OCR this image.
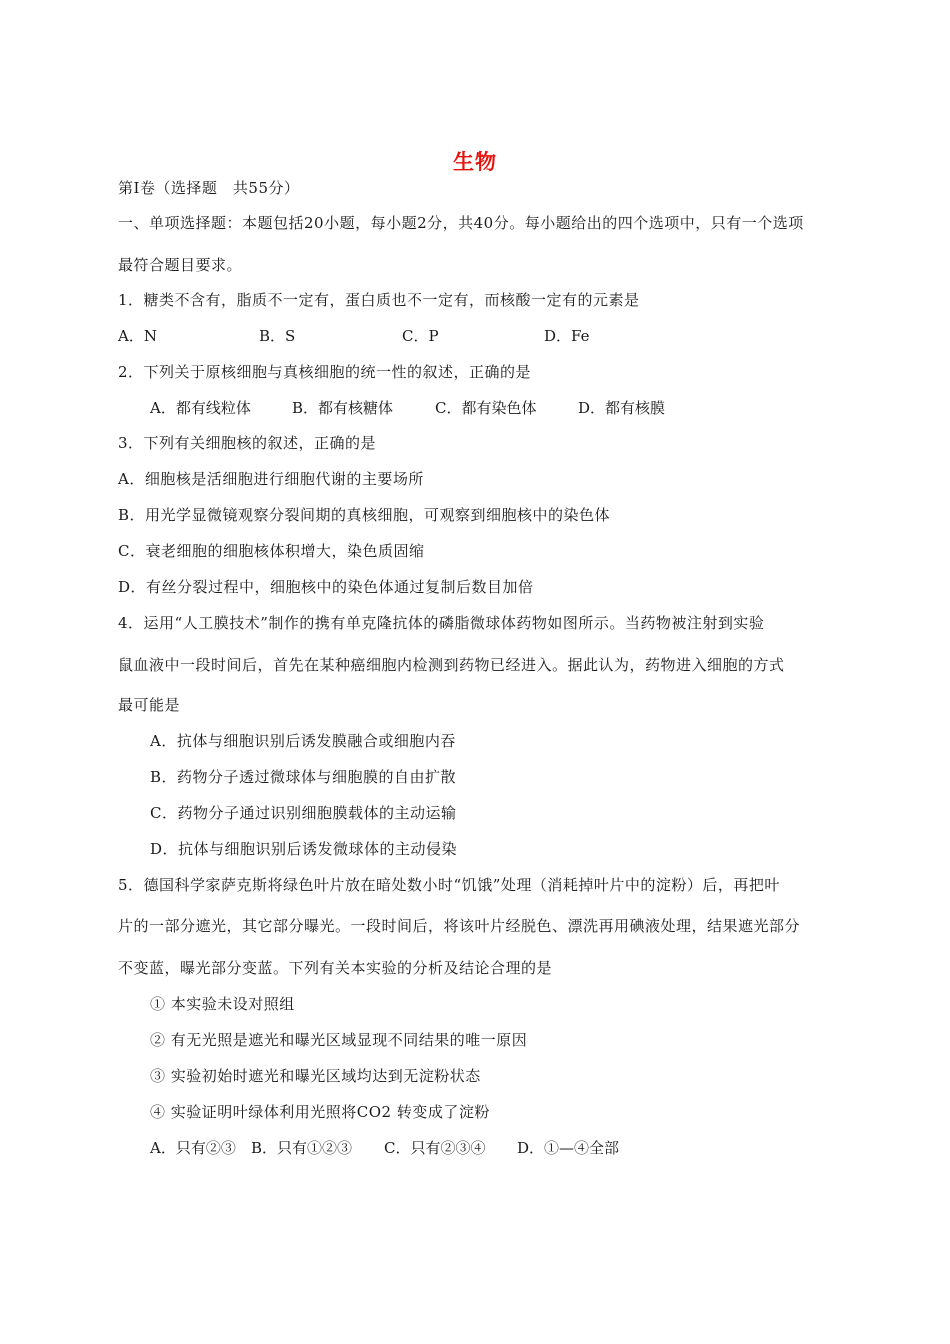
生物
第Ⅰ卷（选择题　共55分）
一、单项选择题：本题包括20小题，每小题2分，共40分。每小题给出的四个选项中，只有一个选项
最符合题目要求。
1．糖类不含有，脂质不一定有，蛋白质也不一定有，而核酸一定有的元素是
A．N	B．S	C．P	D．Fe
2．下列关于原核细胞与真核细胞的统一性的叙述，正确的是
A．都有线粒体	B．都有核糖体	C．都有染色体	D．都有核膜
3．下列有关细胞核的叙述，正确的是
A．细胞核是活细胞进行细胞代谢的主要场所
B．用光学显微镜观察分裂间期的真核细胞，可观察到细胞核中的染色体
C．衰老细胞的细胞核体积增大，染色质固缩
D．有丝分裂过程中，细胞核中的染色体通过复制后数目加倍
4．运用“人工膜技术”制作的携有单克隆抗体的磷脂微球体药物如图所示。当药物被注射到实验
鼠血液中一段时间后，首先在某种癌细胞内检测到药物已经进入。据此认为，药物进入细胞的方式
最可能是
A．抗体与细胞识别后诱发膜融合或细胞内吞
B．药物分子透过微球体与细胞膜的自由扩散
C．药物分子通过识别细胞膜载体的主动运输
D．抗体与细胞识别后诱发微球体的主动侵染
5．德国科学家萨克斯将绿色叶片放在暗处数小时“饥饿”处理（消耗掉叶片中的淀粉）后，再把叶
片的一部分遮光，其它部分曝光。一段时间后，将该叶片经脱色、漂洗再用碘液处理，结果遮光部分
不变蓝，曝光部分变蓝。下列有关本实验的分析及结论合理的是
① 本实验未设对照组
② 有无光照是遮光和曝光区域显现不同结果的唯一原因
③ 实验初始时遮光和曝光区域均达到无淀粉状态
④ 实验证明叶绿体利用光照将CO2 转变成了淀粉
A．只有②③ B．只有①②③ C．只有②③④ D．①—④全部
